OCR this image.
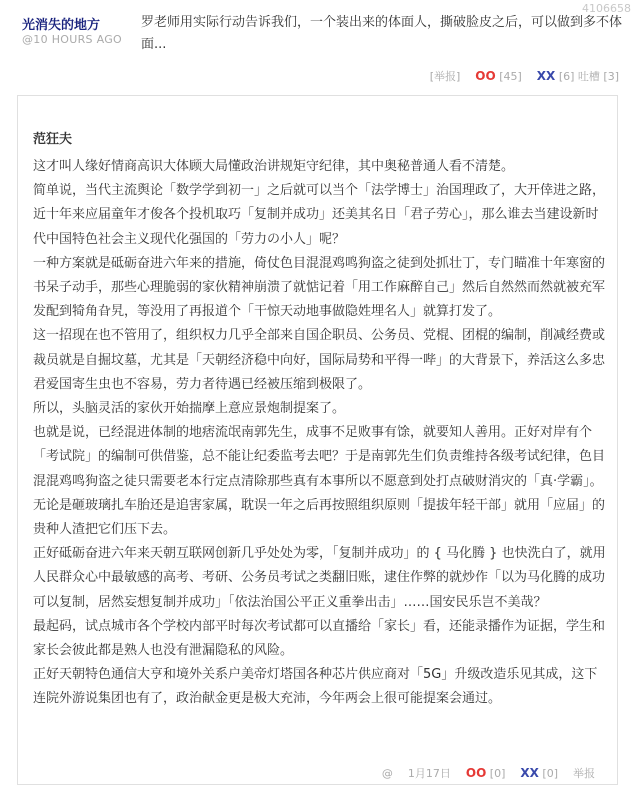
4106658
光消失的地方
@10 HOURS AGO
罗老师用实际行动告诉我们，一个装出来的体面人，撕破脸皮之后，可以做到多不体面...
[举报] OO [45] XX [6] 吐槽 [3]
范狂夫

这才叫人缘好情商高识大体顾大局懂政治讲规矩守纪律，其中奥秘普通人看不清楚。

简单说，当代主流舆论「数学学到初一」之后就可以当个「法学博士」治国理政了，大开倖进之路，近十年来应届童年才俊各个投机取巧「复制并成功」还美其名日「君子劳心」，那么谁去当建设新时代中国特色社会主义现代化强国的「劳力の小人」呢？

一种方案就是砥砺奋进六年来的措施，倚仗色目混混鸡鸣狗盗之徒到处抓壮丁，专门瞄准十年寒窗的书呆子动手，那些心理脆弱的家伙精神崩溃了就惦记着「用工作麻醉自己」然后自然然而然就被充军发配到犄角旮旯，等没用了再报道个「干惊天动地事做隐姓埋名人」就算打发了。

这一招现在也不管用了，组织权力几乎全部来自国企职员、公务员、党棍、团棍的编制，削减经费或裁员就是自掘坟墓，尤其是「天朝经济稳中向好，国际局势和平得一哔」的大背景下，养活这么多忠君爱国寄生虫也不容易，劳力者待遇已经被压缩到极限了。

所以，头脑灵活的家伙开始揣摩上意应景炮制提案了。

也就是说，已经混进体制的地痞流氓南郭先生，成事不足败事有馀，就要知人善用。正好对岸有个「考试院」的编制可供借鉴，总不能让纪委监考去吧？于是南郭先生们负责维持各级考试纪律，色目混混鸡鸣狗盗之徒只需要老本行定点清除那些真有本事所以不愿意到处打点破财消灾的「真·学霸」。无论是砸玻璃扎车胎还是追害家属，耽误一年之后再按照组织原则「提拔年轻干部」就用「应届」的贵种人渣把它们压下去。

正好砥砺奋进六年来天朝互联网创新几乎处处为零，「复制并成功」的 { 马化腾 } 也快洗白了，就用人民群众心中最敏感的高考、考研、公务员考试之类翻旧账，逮住作弊的就炒作「以为马化腾的成功可以复制，居然妄想复制并成功」「依法治国公平正义重拳出击」……国安民乐岂不美哉？

最起码，试点城市各个学校内部平时每次考试都可以直播给「家长」看，还能录播作为证据，学生和家长会彼此都是熟人也没有泄漏隐私的风险。

正好天朝特色通信大亨和境外关系户美帝灯塔国各种芯片供应商对「5G」升级改造乐见其成，这下连院外游说集团也有了，政治献金更是极大充沛，今年两会上很可能提案会通过。

@ 1月17日 OO [0] XX [0] 举报
